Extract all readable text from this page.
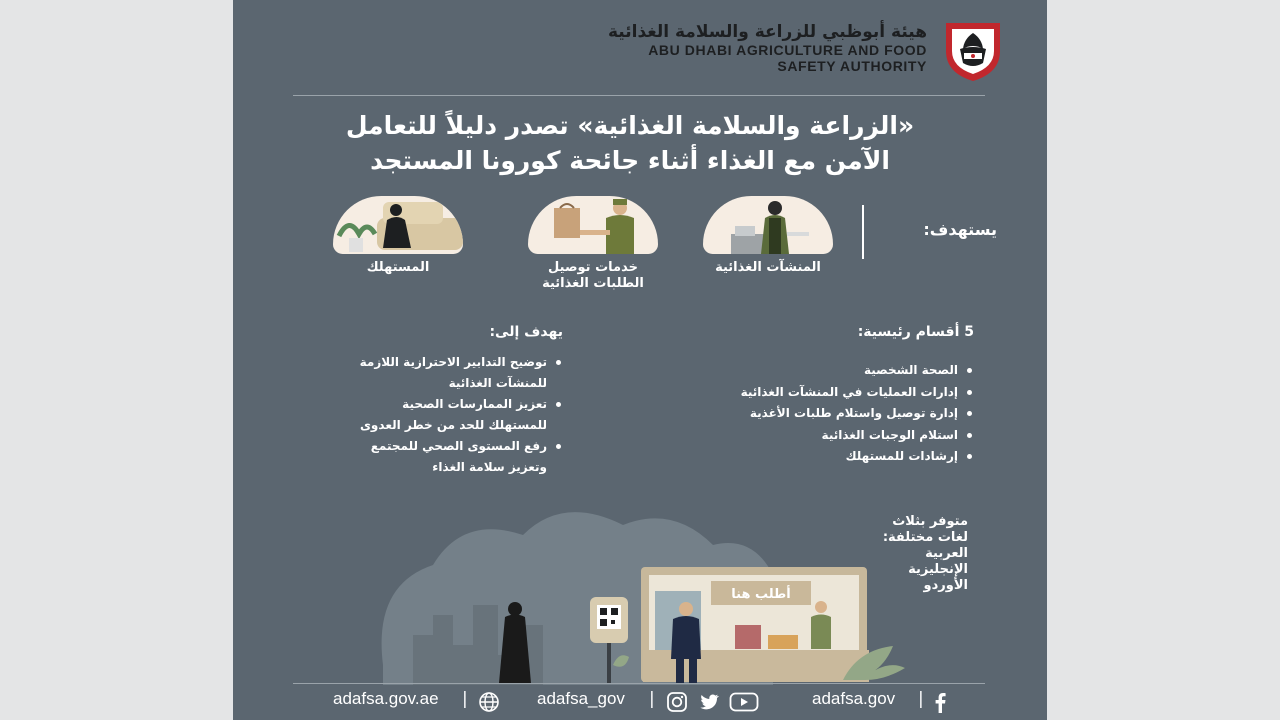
هيئة أبوظبي للزراعة والسلامة الغذائية
ABU DHABI AGRICULTURE AND FOOD
SAFETY AUTHORITY
«الزراعة والسلامة الغذائية» تصدر دليلاً للتعامل
الآمن مع الغذاء أثناء جائحة كورونا المستجد
يستهدف:
المنشآت الغذائية
خدمات توصيل
الطلبات الغذائية
المستهلك
5 أقسام رئيسية:
الصحة الشخصية
إدارات العمليات في المنشآت الغذائية
إدارة توصيل واستلام طلبات الأغذية
استلام الوجبات الغذائية
إرشادات للمستهلك
يهدف إلى:
توضيح التدابير الاحترازية اللازمة
للمنشآت الغذائية
تعزيز الممارسات الصحية
للمستهلك للحد من خطر العدوى
رفع المستوى الصحي للمجتمع
وتعزيز سلامة الغذاء
متوفر بثلاث
لغات مختلفة:
العربية
الإنجليزية
الأوردو
أطلب هنا
adafsa.gov.ae |	adafsa_gov |	adafsa.gov |
